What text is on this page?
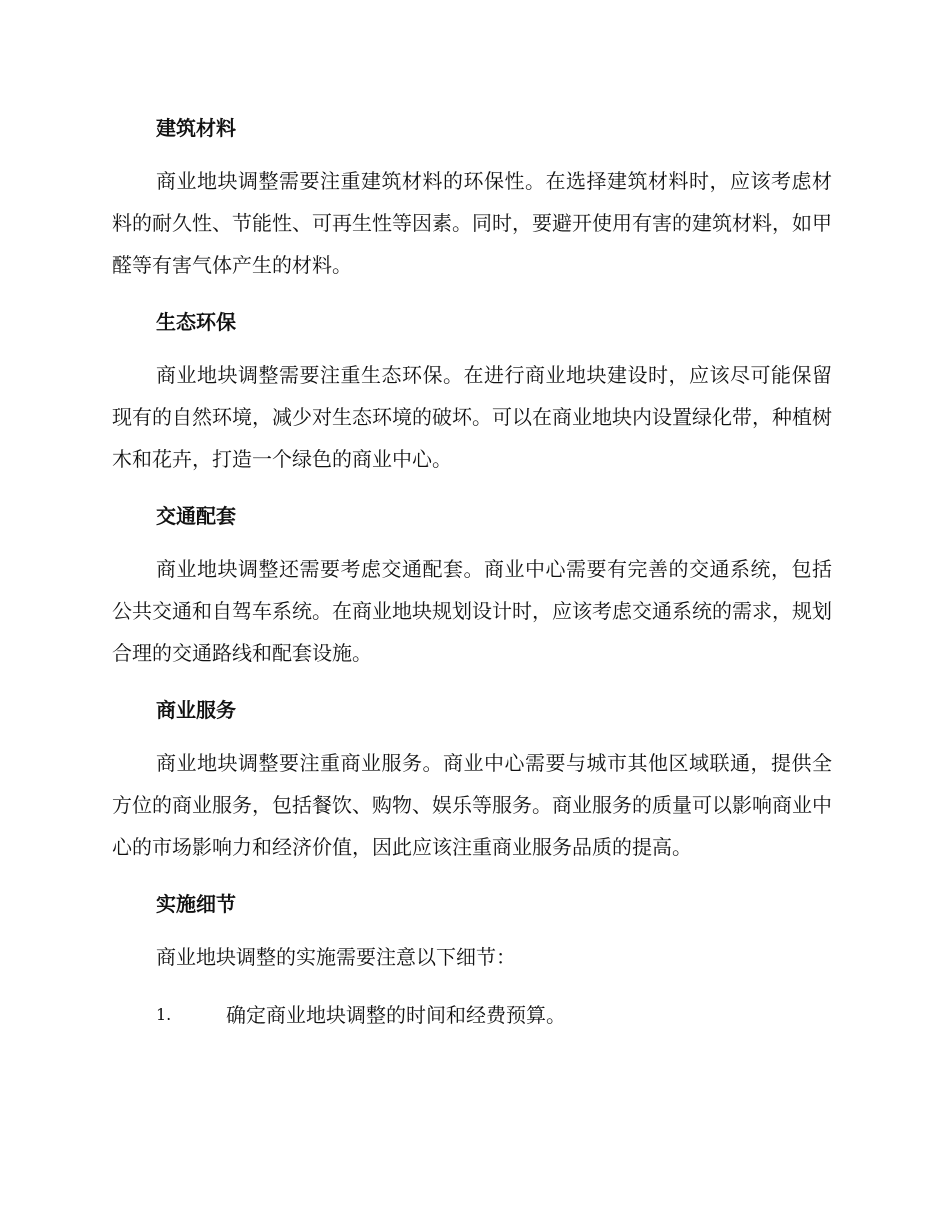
建筑材料

商业地块调整需要注重建筑材料的环保性。在选择建筑材料时，应该考虑材料的耐久性、节能性、可再生性等因素。同时，要避开使用有害的建筑材料，如甲醛等有害气体产生的材料。

生态环保

商业地块调整需要注重生态环保。在进行商业地块建设时，应该尽可能保留现有的自然环境，减少对生态环境的破坏。可以在商业地块内设置绿化带，种植树木和花卉，打造一个绿色的商业中心。

交通配套

商业地块调整还需要考虑交通配套。商业中心需要有完善的交通系统，包括公共交通和自驾车系统。在商业地块规划设计时，应该考虑交通系统的需求，规划合理的交通路线和配套设施。

商业服务

商业地块调整要注重商业服务。商业中心需要与城市其他区域联通，提供全方位的商业服务，包括餐饮、购物、娱乐等服务。商业服务的质量可以影响商业中心的市场影响力和经济价值，因此应该注重商业服务品质的提高。

实施细节

商业地块调整的实施需要注意以下细节：

1.	确定商业地块调整的时间和经费预算。
